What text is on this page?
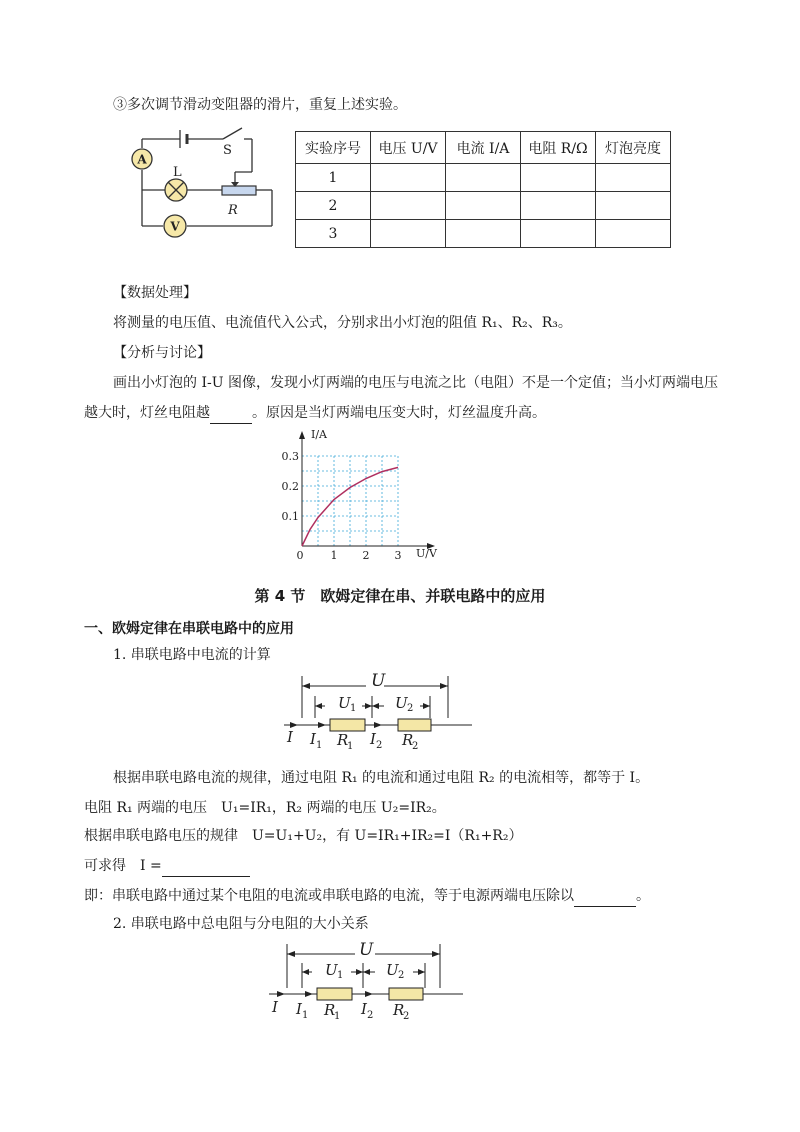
③多次调节滑动变阻器的滑片，重复上述实验。
A
L
V
R
S	实验序号	电压 U/V	电流 I/A	电阻 R/Ω	灯泡亮度
1				
2				
3				
【数据处理】
将测量的电压值、电流值代入公式，分别求出小灯泡的阻值 R₁、R₂、R₃。
【分析与讨论】
画出小灯泡的 I-U 图像，发现小灯两端的电压与电流之比（电阻）不是一个定值；当小灯两端电压
越大时，灯丝电阻越	。原因是当灯两端电压变大时，灯丝温度升高。
I/A
U/V
0 1 2 3
0.1
0.2
0.3
第 4 节　欧姆定律在串、并联电路中的应用
一、欧姆定律在串联电路中的应用
1. 串联电路中电流的计算
U
U 1	U 2
I I 1 R
1 I 2 R
2
根据串联电路电流的规律，通过电阻 R₁ 的电流和通过电阻 R₂ 的电流相等，都等于 I。
电阻 R₁ 两端的电压　U₁=IR₁，R₂ 两端的电压 U₂=IR₂。
根据串联电路电压的规律　U=U₁+U₂，有 U=IR₁+IR₂=I（R₁+R₂）
可求得　I =
即：串联电路中通过某个电阻的电流或串联电路的电流，等于电源两端电压除以	。
2. 串联电路中总电阻与分电阻的大小关系
U
U 1	U 2
I I 1 R
1 I 2 R
2
